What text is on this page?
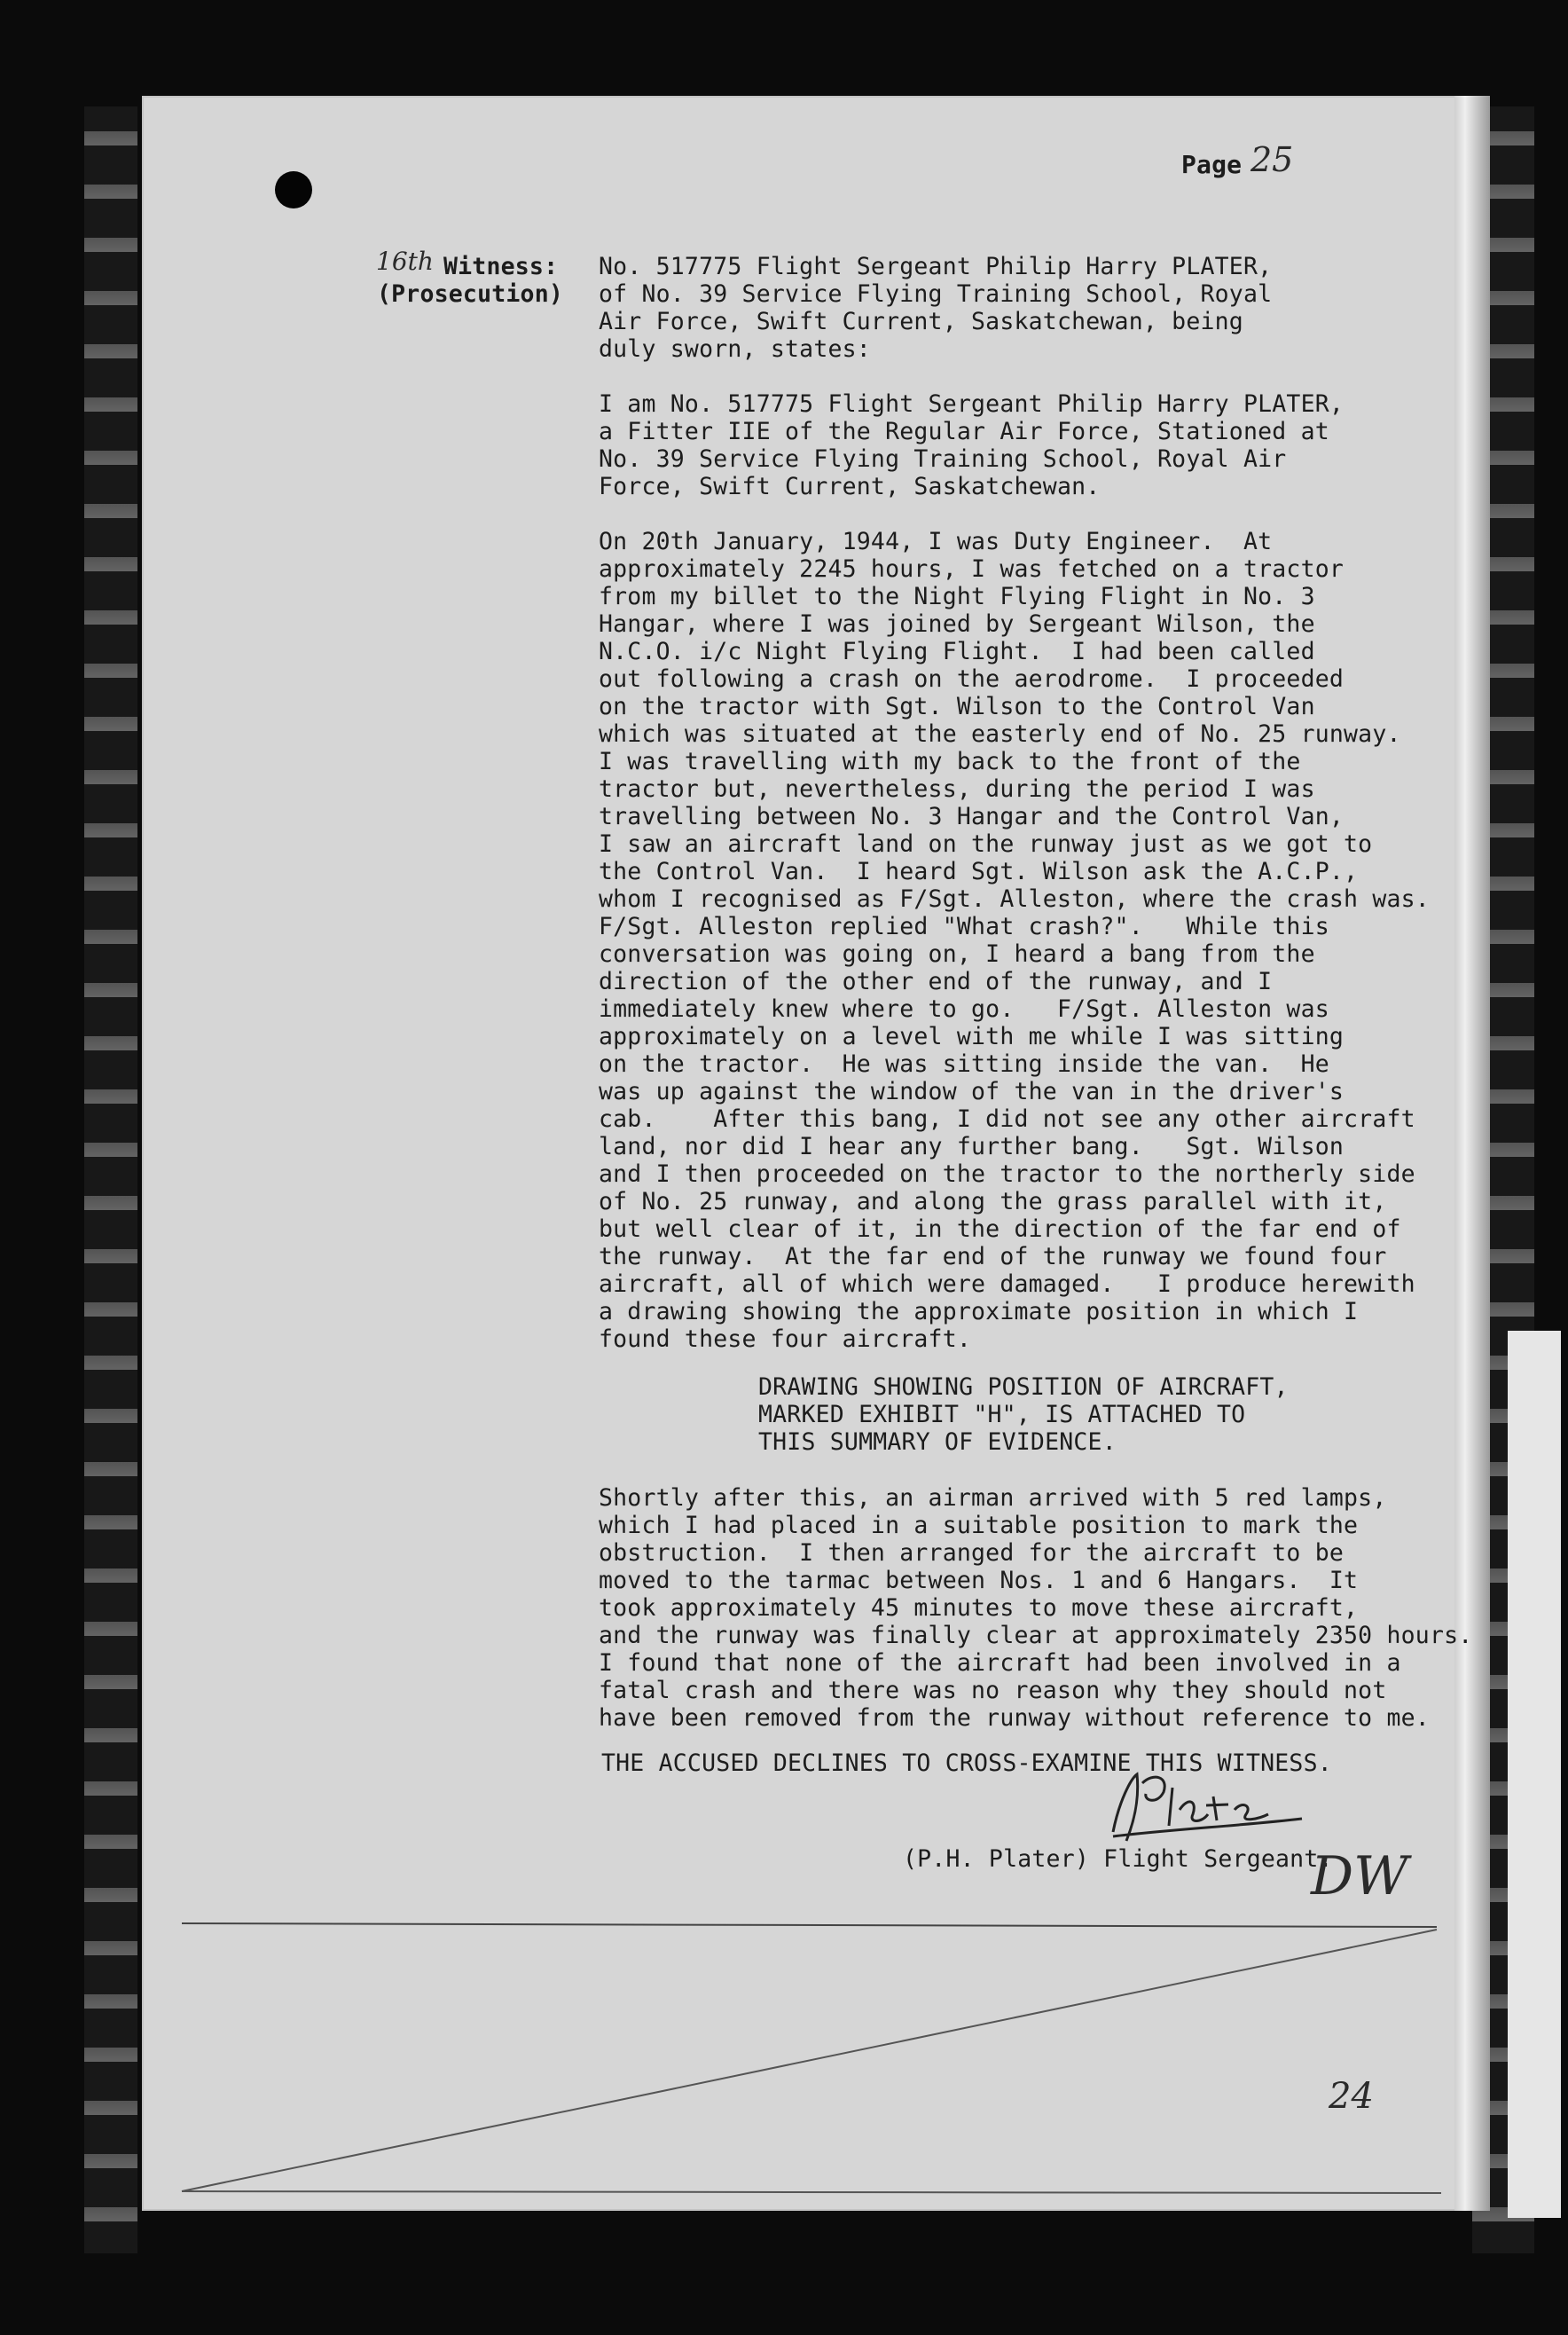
Page 25
16th Witness:
(Prosecution)
No. 517775 Flight Sergeant Philip Harry PLATER,
of No. 39 Service Flying Training School, Royal
Air Force, Swift Current, Saskatchewan, being
duly sworn, states:
I am No. 517775 Flight Sergeant Philip Harry PLATER,
a Fitter IIE of the Regular Air Force, Stationed at
No. 39 Service Flying Training School, Royal Air
Force, Swift Current, Saskatchewan.
On 20th January, 1944, I was Duty Engineer.  At
approximately 2245 hours, I was fetched on a tractor
from my billet to the Night Flying Flight in No. 3
Hangar, where I was joined by Sergeant Wilson, the
N.C.O. i/c Night Flying Flight.  I had been called
out following a crash on the aerodrome.  I proceeded
on the tractor with Sgt. Wilson to the Control Van
which was situated at the easterly end of No. 25 runway.
I was travelling with my back to the front of the
tractor but, nevertheless, during the period I was
travelling between No. 3 Hangar and the Control Van,
I saw an aircraft land on the runway just as we got to
the Control Van.  I heard Sgt. Wilson ask the A.C.P.,
whom I recognised as F/Sgt. Alleston, where the crash was.
F/Sgt. Alleston replied "What crash?".   While this
conversation was going on, I heard a bang from the
direction of the other end of the runway, and I
immediately knew where to go.   F/Sgt. Alleston was
approximately on a level with me while I was sitting
on the tractor.  He was sitting inside the van.  He
was up against the window of the van in the driver's
cab.    After this bang, I did not see any other aircraft
land, nor did I hear any further bang.   Sgt. Wilson
and I then proceeded on the tractor to the northerly side
of No. 25 runway, and along the grass parallel with it,
but well clear of it, in the direction of the far end of
the runway.  At the far end of the runway we found four
aircraft, all of which were damaged.   I produce herewith
a drawing showing the approximate position in which I
found these four aircraft.
DRAWING SHOWING POSITION OF AIRCRAFT,
MARKED EXHIBIT "H", IS ATTACHED TO
THIS SUMMARY OF EVIDENCE.
Shortly after this, an airman arrived with 5 red lamps,
which I had placed in a suitable position to mark the
obstruction.  I then arranged for the aircraft to be
moved to the tarmac between Nos. 1 and 6 Hangars.  It
took approximately 45 minutes to move these aircraft,
and the runway was finally clear at approximately 2350 hours.
I found that none of the aircraft had been involved in a
fatal crash and there was no reason why they should not
have been removed from the runway without reference to me.
THE ACCUSED DECLINES TO CROSS-EXAMINE THIS WITNESS.
(P.H. Plater) Flight Sergeant.
DW
24
